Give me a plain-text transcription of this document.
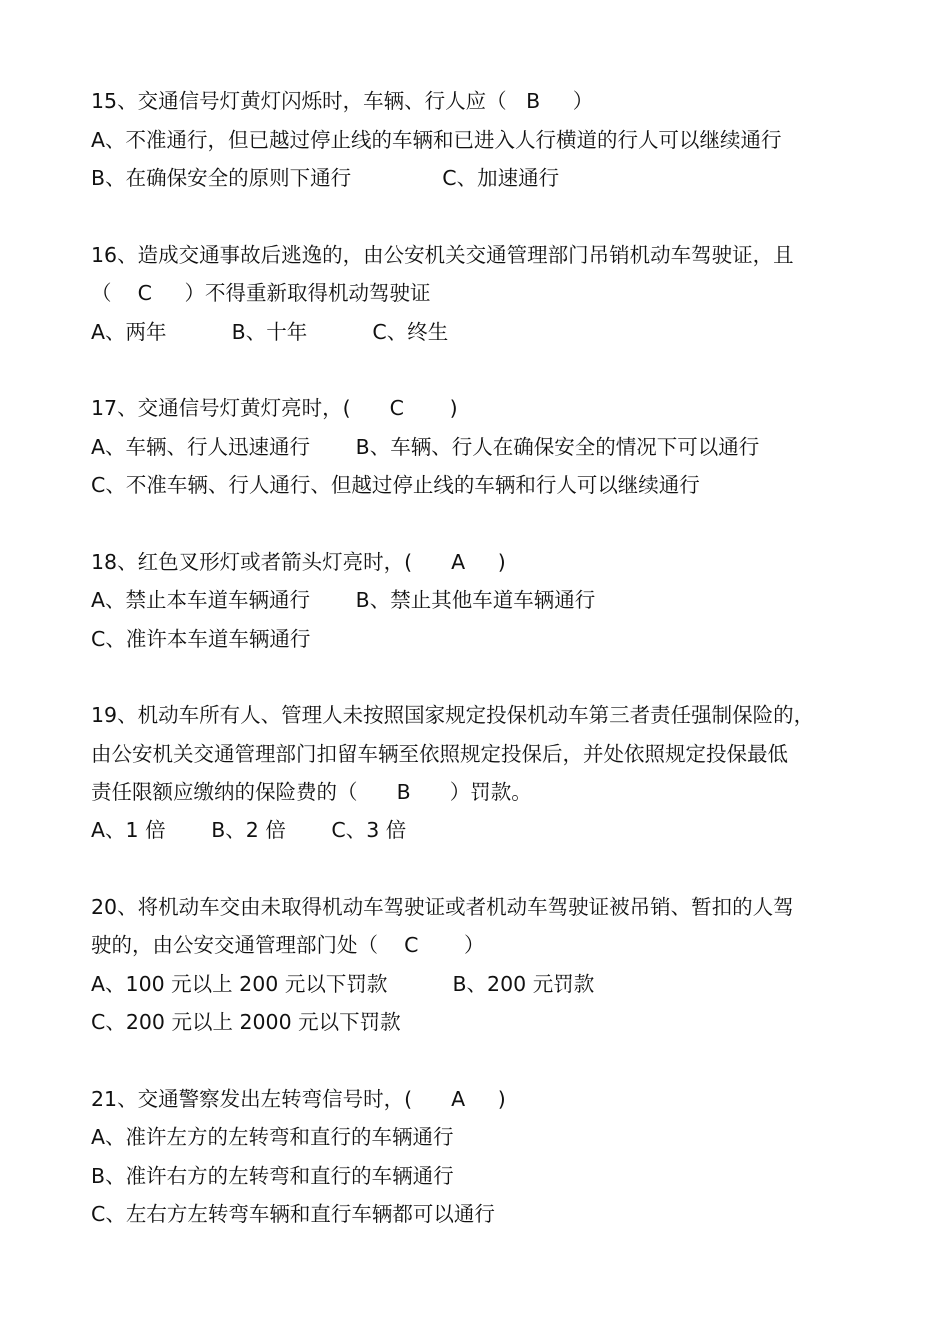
15、交通信号灯黄灯闪烁时，车辆、行人应（   B     ）
A、不准通行，但已越过停止线的车辆和已进入人行横道的行人可以继续通行
B、在确保安全的原则下通行              C、加速通行
16、造成交通事故后逃逸的，由公安机关交通管理部门吊销机动车驾驶证，且
（    C     ）不得重新取得机动驾驶证
A、两年          B、十年          C、终生
17、交通信号灯黄灯亮时，(      C       )
A、车辆、行人迅速通行       B、车辆、行人在确保安全的情况下可以通行
C、不准车辆、行人通行、但越过停止线的车辆和行人可以继续通行
18、红色叉形灯或者箭头灯亮时，(      A     )
A、禁止本车道车辆通行       B、禁止其他车道车辆通行
C、准许本车道车辆通行
19、机动车所有人、管理人未按照国家规定投保机动车第三者责任强制保险的，
由公安机关交通管理部门扣留车辆至依照规定投保后，并处依照规定投保最低
责任限额应缴纳的保险费的（      B      ）罚款。
A、1 倍       B、2 倍       C、3 倍
20、将机动车交由未取得机动车驾驶证或者机动车驾驶证被吊销、暂扣的人驾
驶的，由公安交通管理部门处（    C       ）
A、100 元以上 200 元以下罚款          B、200 元罚款
C、200 元以上 2000 元以下罚款
21、交通警察发出左转弯信号时，(      A     )
A、准许左方的左转弯和直行的车辆通行
B、准许右方的左转弯和直行的车辆通行
C、左右方左转弯车辆和直行车辆都可以通行
